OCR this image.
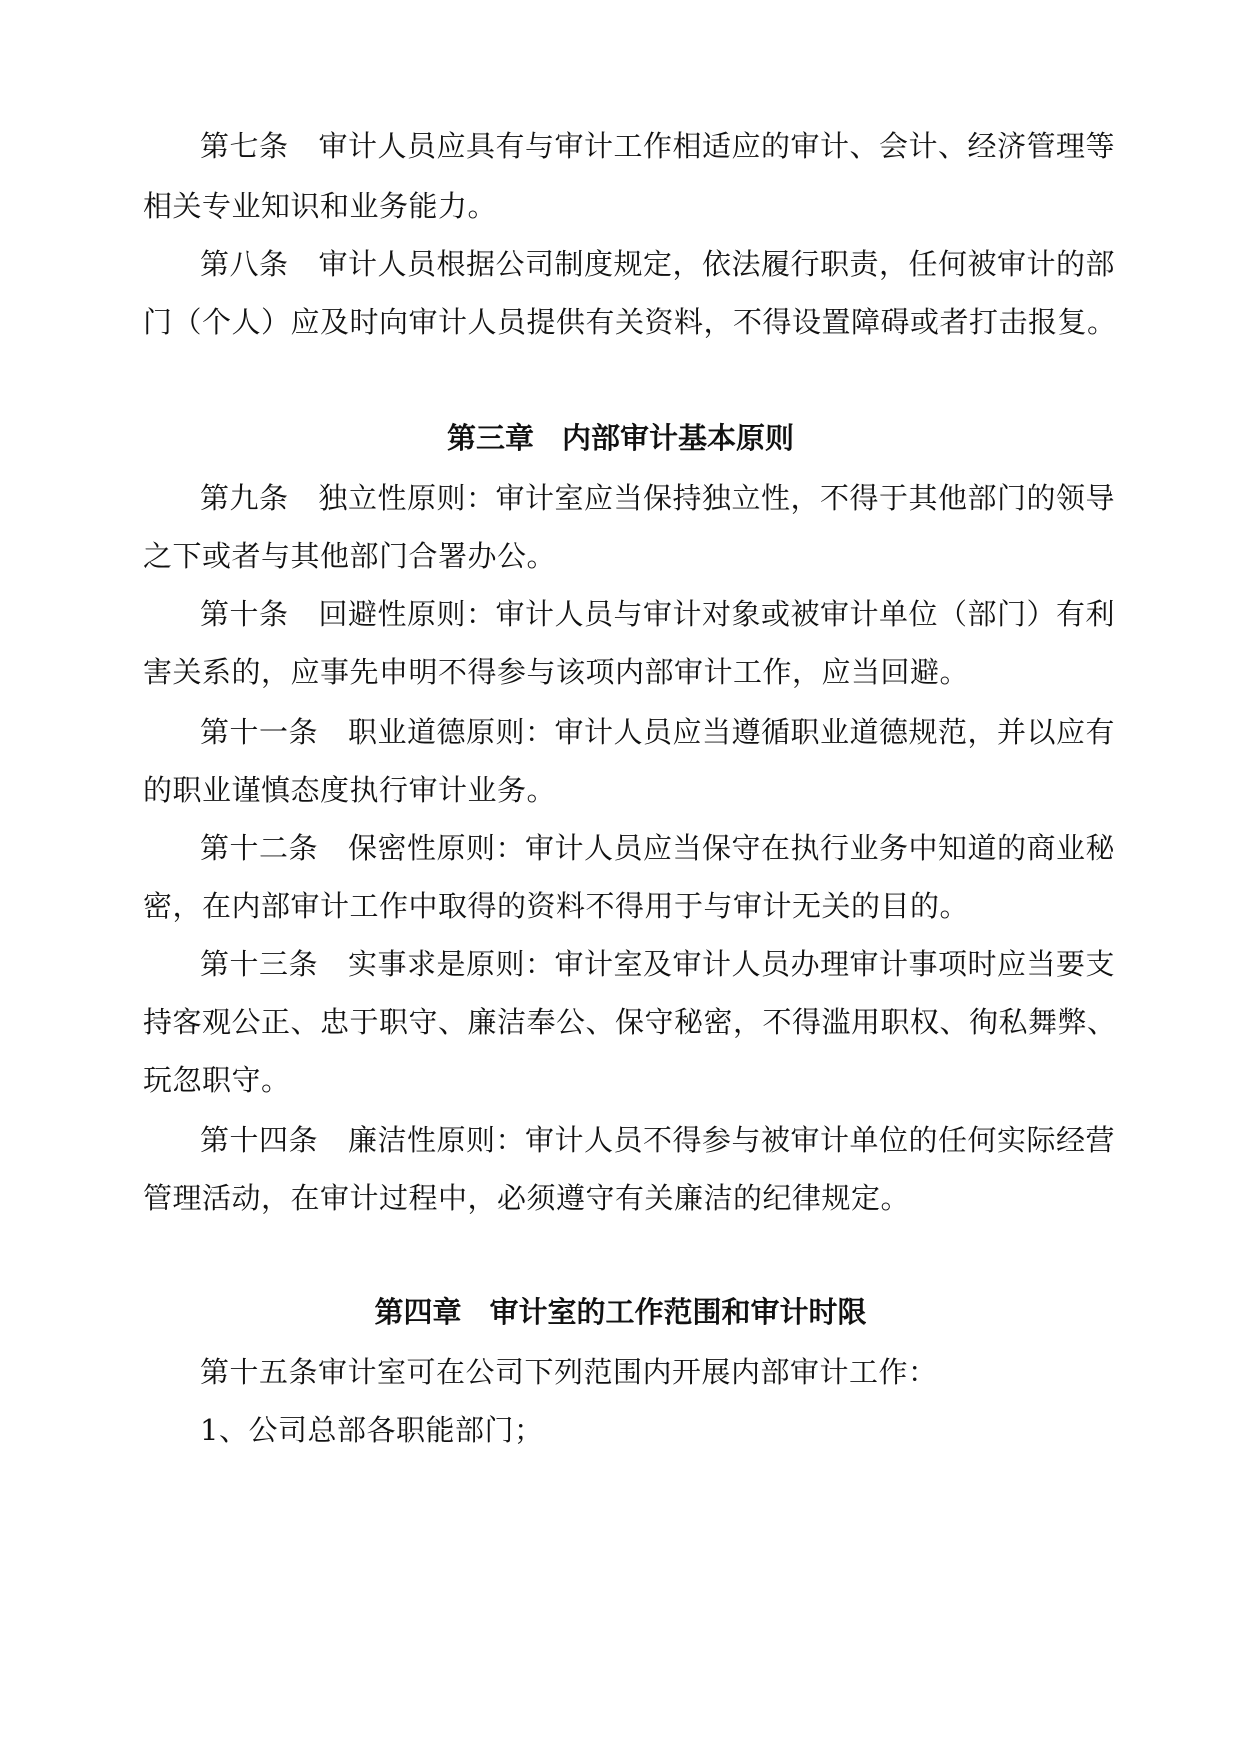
第七条 审计人员应具有与审计工作相适应的审计、会计、经济管理等
相关专业知识和业务能力。
第八条 审计人员根据公司制度规定，依法履行职责，任何被审计的部
门（个人）应及时向审计人员提供有关资料，不得设置障碍或者打击报复。
第三章 内部审计基本原则
第九条 独立性原则：审计室应当保持独立性，不得于其他部门的领导
之下或者与其他部门合署办公。
第十条 回避性原则：审计人员与审计对象或被审计单位（部门）有利
害关系的，应事先申明不得参与该项内部审计工作，应当回避。
第十一条 职业道德原则：审计人员应当遵循职业道德规范，并以应有
的职业谨慎态度执行审计业务。
第十二条 保密性原则：审计人员应当保守在执行业务中知道的商业秘
密，在内部审计工作中取得的资料不得用于与审计无关的目的。
第十三条 实事求是原则：审计室及审计人员办理审计事项时应当要支
持客观公正、忠于职守、廉洁奉公、保守秘密，不得滥用职权、徇私舞弊、
玩忽职守。
第十四条 廉洁性原则：审计人员不得参与被审计单位的任何实际经营
管理活动，在审计过程中，必须遵守有关廉洁的纪律规定。
第四章 审计室的工作范围和审计时限
第十五条审计室可在公司下列范围内开展内部审计工作：
1、公司总部各职能部门；
